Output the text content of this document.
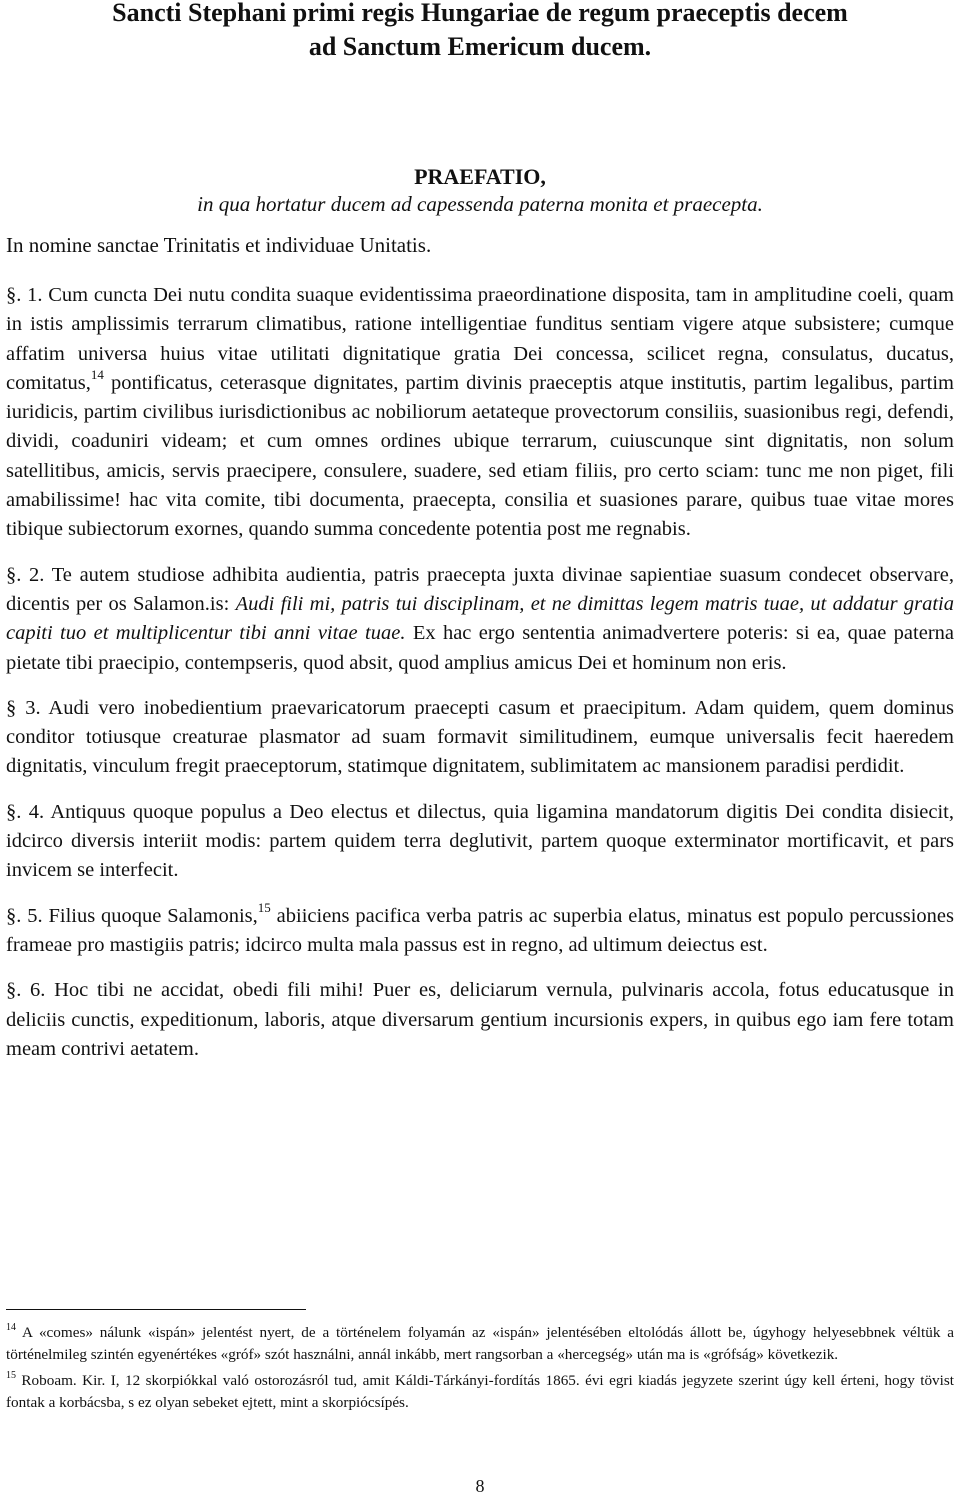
Sancti Stephani primi regis Hungariae de regum praeceptis decem
ad Sanctum Emericum ducem.
PRAEFATIO,
in qua hortatur ducem ad capessenda paterna monita et praecepta.
In nomine sanctae Trinitatis et individuae Unitatis.

§. 1. Cum cuncta Dei nutu condita suaque evidentissima praeordinatione disposita, tam in amplitudine coeli, quam in istis amplissimis terrarum climatibus, ratione intelligentiae funditus sentiam vigere atque subsistere; cumque affatim universa huius vitae utilitati dignitatique gratia Dei concessa, scilicet regna, consulatus, ducatus, comitatus,$^{14}$ pontificatus, ceterasque dignitates, partim divinis praeceptis atque institutis, partim legalibus, partim iuridicis, partim civilibus iurisdictionibus ac nobiliorum aetateque provectorum consiliis, suasionibus regi, defendi, dividi, coaduniri videam; et cum omnes ordines ubique terrarum, cuiuscunque sint dignitatis, non solum satellitibus, amicis, servis praecipere, consulere, suadere, sed etiam filiis, pro certo sciam: tunc me non piget, fili amabilissime! hac vita comite, tibi documenta, praecepta, consilia et suasiones parare, quibus tuae vitae mores tibique subiectorum exornes, quando summa concedente potentia post me regnabis.

§. 2. Te autem studiose adhibita audientia, patris praecepta juxta divinae sapientiae suasum condecet observare, dicentis per os Salamon.is: Audi fili mi, patris tui disciplinam, et ne dimittas legem matris tuae, ut addatur gratia capiti tuo et multiplicentur tibi anni vitae tuae. Ex hac ergo sententia animadvertere poteris: si ea, quae paterna pietate tibi praecipio, contempseris, quod absit, quod amplius amicus Dei et hominum non eris.

§ 3. Audi vero inobedientium praevaricatorum praecepti casum et praecipitum. Adam quidem, quem dominus conditor totiusque creaturae plasmator ad suam formavit similitudinem, eumque universalis fecit haeredem dignitatis, vinculum fregit praeceptorum, statimque dignitatem, sublimitatem ac mansionem paradisi perdidit.

§. 4. Antiquus quoque populus a Deo electus et dilectus, quia ligamina mandatorum digitis Dei condita disiecit, idcirco diversis interiit modis: partem quidem terra deglutivit, partem quoque exterminator mortificavit, et pars invicem se interfecit.

§. 5. Filius quoque Salamonis,$^{15}$ abiiciens pacifica verba patris ac superbia elatus, minatus est populo percussiones frameae pro mastigiis patris; idcirco multa mala passus est in regno, ad ultimum deiectus est.

§. 6. Hoc tibi ne accidat, obedi fili mihi! Puer es, deliciarum vernula, pulvinaris accola, fotus educatusque in deliciis cunctis, expeditionum, laboris, atque diversarum gentium incursionis expers, in quibus ego iam fere totam meam contrivi aetatem.

$^{14}$ A «comes» nálunk «ispán» jelentést nyert, de a történelem folyamán az «ispán» jelentésében eltolódás állott be, úgyhogy helyesebbnek véltük a történelmileg szintén egyenértékes «gróf» szót használni, annál inkább, mert rangsorban a «hercegség» után ma is «grófság» következik.

$^{15}$ Roboam. Kir. I, 12 skorpiókkal való ostorozásról tud, amit Káldi-Tárkányi-fordítás 1865. évi egri kiadás jegyzete szerint úgy kell érteni, hogy tövist fontak a korbácsba, s ez olyan sebeket ejtett, mint a skorpiócsípés.

8
